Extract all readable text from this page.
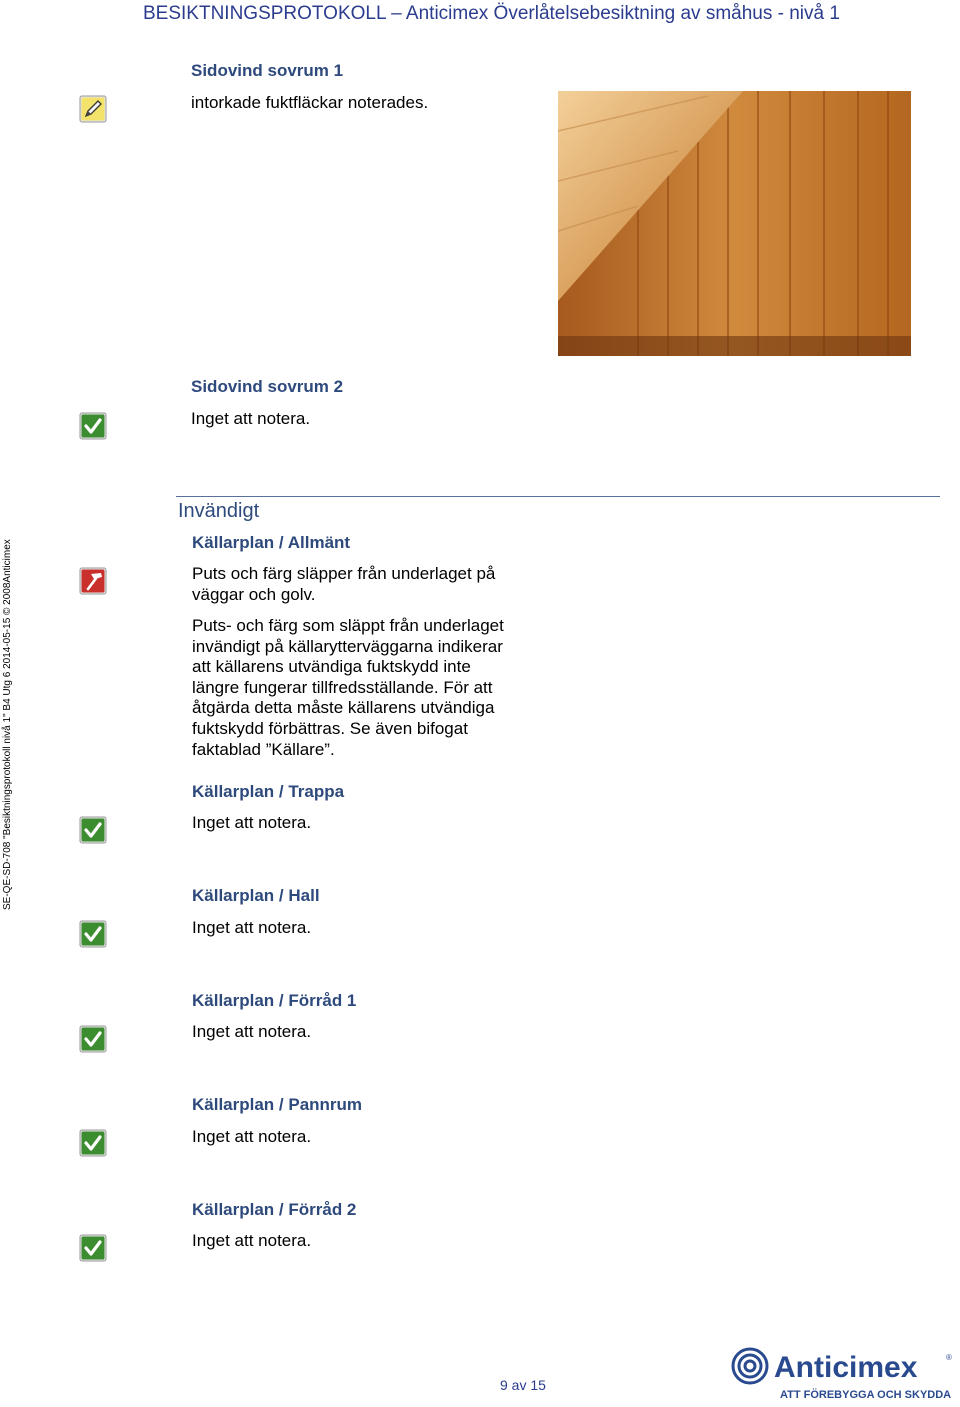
BESIKTNINGSPROTOKOLL – Anticimex Överlåtelsebesiktning av småhus - nivå 1
SE-QE-SD-708 "Besiktningsprotokoll nivå 1" B4 Utg 6 2014-05-15 © 2008Anticimex
Sidovind sovrum 1
intorkade fuktfläckar noterades.
Sidovind sovrum 2
Inget att notera.
Invändigt
Källarplan / Allmänt
Puts och färg släpper från underlaget på
väggar och golv.
Puts- och färg som släppt från underlaget
invändigt på källarytterväggarna indikerar
att källarens utvändiga fuktskydd inte
längre fungerar tillfredsställande. För att
åtgärda detta måste källarens utvändiga
fuktskydd förbättras. Se även bifogat
faktablad ”Källare”.
Källarplan / Trappa
Inget att notera.
Källarplan / Hall
Inget att notera.
Källarplan / Förråd 1
Inget att notera.
Källarplan / Pannrum
Inget att notera.
Källarplan / Förråd 2
Inget att notera.
9 av 15
Anticimex	®
ATT FÖREBYGGA OCH SKYDDA
